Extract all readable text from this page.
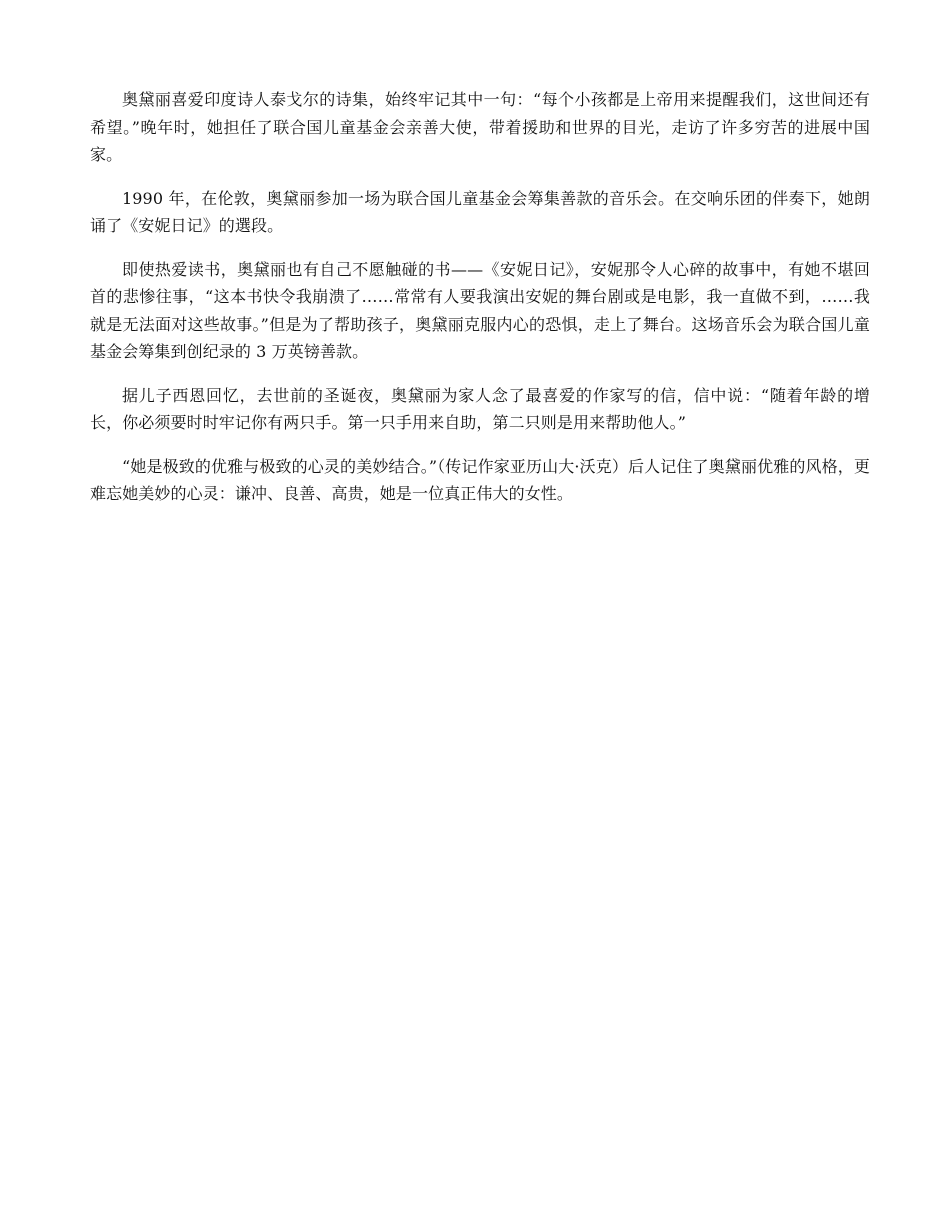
奥黛丽喜爱印度诗人泰戈尔的诗集，始终牢记其中一句：“每个小孩都是上帝用来提醒我们，这世间还有希望。”晚年时，她担任了联合国儿童基金会亲善大使，带着援助和世界的目光，走访了许多穷苦的进展中国家。

1990 年，在伦敦，奥黛丽参加一场为联合国儿童基金会筹集善款的音乐会。在交响乐团的伴奏下，她朗诵了《安妮日记》的選段。

即使热爱读书，奥黛丽也有自己不愿触碰的书——《安妮日记》，安妮那令人心碎的故事中，有她不堪回首的悲惨往事，“这本书快令我崩溃了……常常有人要我演出安妮的舞台剧或是电影，我一直做不到，……我就是无法面对这些故事。”但是为了帮助孩子，奥黛丽克服内心的恐惧，走上了舞台。这场音乐会为联合国儿童基金会筹集到创纪录的 3 万英镑善款。

据儿子西恩回忆，去世前的圣诞夜，奥黛丽为家人念了最喜爱的作家写的信，信中说：“随着年龄的增长，你必须要时时牢记你有两只手。第一只手用来自助，第二只则是用来帮助他人。”

“她是极致的优雅与极致的心灵的美妙结合。”（传记作家亚历山大·沃克）后人记住了奥黛丽优雅的风格，更难忘她美妙的心灵：谦冲、良善、高贵，她是一位真正伟大的女性。
